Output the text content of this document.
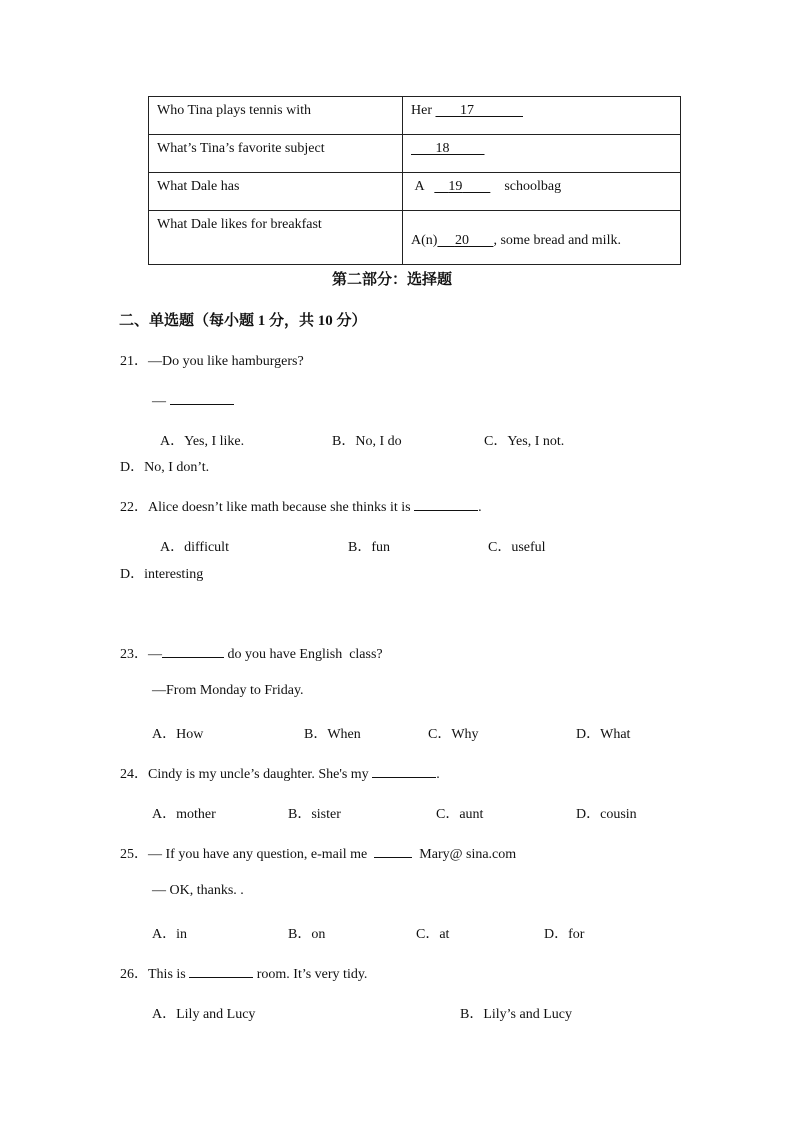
Who Tina plays tennis with	Her        17
What’s Tina’s favorite subject	18
What Dale has	A       19 schoolbag
What Dale likes for breakfast	A(n) 20 , some bread and milk.
第二部分：选择题
二、单选题（每小题 1 分，共 10 分）
21．—Do you like hamburgers?
—
A．Yes, I like.	B．No, I do	C．Yes, I not.
D．No, I don’t.
22．Alice doesn’t like math because she thinks it is	.
A．difficult	B．fun	C．useful
D．interesting
23．—	do you have English  class?
—From Monday to Friday.
A．How	B．When	C．Why	D．What
24．Cindy is my uncle’s daughter. She's my	.
A．mother	B．sister	C．aunt	D．cousin
25．— If you have any question, e-mail me	Mary@ sina.com
— OK, thanks. .
A．in	B．on	C．at	D．for
26．This is	room. It’s very tidy.
A．Lily and Lucy	B．Lily’s and Lucy
